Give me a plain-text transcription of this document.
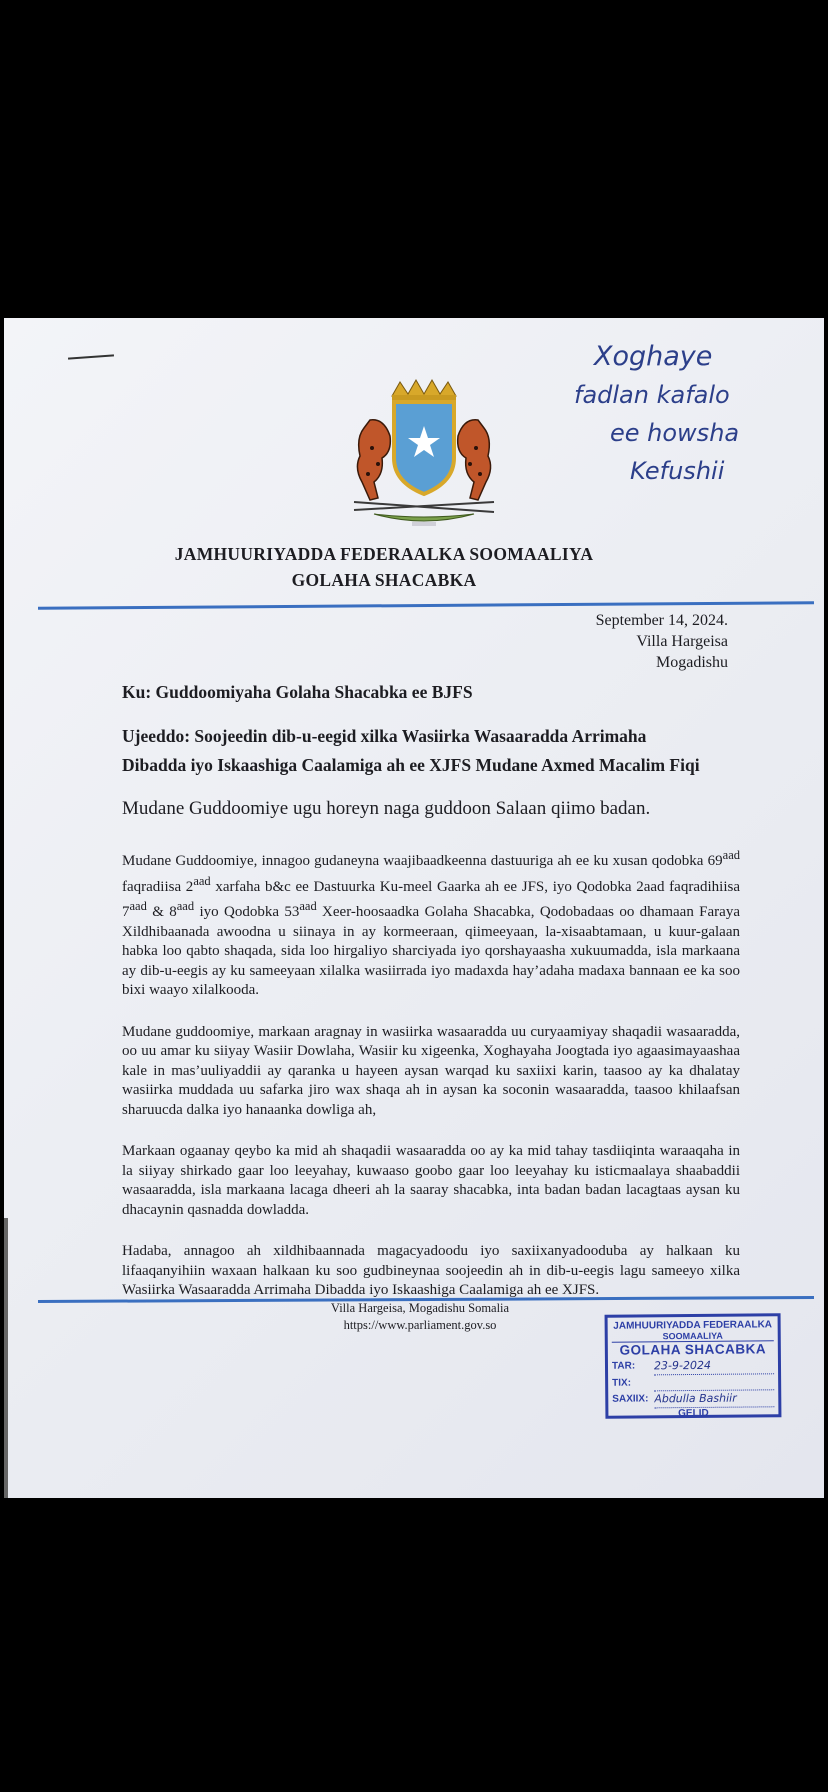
Xoghaye
fadlan kafalo
ee howsha
Kefushii
JAMHUURIYADDA FEDERAALKA SOOMAALIYA
GOLAHA SHACABKA
September 14, 2024.
Villa Hargeisa
Mogadishu
Ku: Guddoomiyaha Golaha Shacabka ee BJFS
Ujeeddo: Soojeedin dib-u-eegid xilka Wasiirka Wasaaradda Arrimaha
Dibadda iyo Iskaashiga Caalamiga ah ee XJFS Mudane Axmed Macalim Fiqi
Mudane Guddoomiye ugu horeyn naga guddoon Salaan qiimo badan.

Mudane Guddoomiye, innagoo gudaneyna waajibaadkeenna dastuuriga ah ee ku xusan qodobka $69^{aad}$ faqradiisa $2^{aad}$ xarfaha b&c ee Dastuurka Ku-meel Gaarka ah ee JFS, iyo Qodobka 2aad faqradihiisa $7^{aad}$ & $8^{aad}$ iyo Qodobka $53^{aad}$ Xeer-hoosaadka Golaha Shacabka, Qodobadaas oo dhamaan Faraya Xildhibaanada awoodna u siinaya in ay kormeeraan, qiimeeyaan, la-xisaabtamaan, u kuur-galaan habka loo qabto shaqada, sida loo hirgaliyo sharciyada iyo qorshayaasha xukuumadda, isla markaana ay dib-u-eegis ay ku sameeyaan xilalka wasiirrada iyo madaxda hay’adaha madaxa bannaan ee ka soo bixi waayo xilalkooda.

Mudane guddoomiye, markaan aragnay in wasiirka wasaaradda uu curyaamiyay shaqadii wasaaradda, oo uu amar ku siiyay Wasiir Dowlaha, Wasiir ku xigeenka, Xoghayaha Joogtada iyo agaasimayaashaa kale in mas’uuliyaddii ay qaranka u hayeen aysan warqad ku saxiixi karin, taasoo ay ka dhalatay wasiirka muddada uu safarka jiro wax shaqa ah in aysan ka soconin wasaaradda, taasoo khilaafsan sharuucda dalka iyo hanaanka dowliga ah,

Markaan ogaanay qeybo ka mid ah shaqadii wasaaradda oo ay ka mid tahay tasdiiqinta waraaqaha in la siiyay shirkado gaar loo leeyahay, kuwaaso goobo gaar loo leeyahay ku isticmaalaya shaabaddii wasaaradda, isla markaana lacaga dheeri ah la saaray shacabka, inta badan badan lacagtaas aysan ku dhacaynin qasnadda dowladda.

Hadaba, annagoo ah xildhibaannada magacyadoodu iyo saxiixanyadooduba ay halkaan ku lifaaqanyihiin waxaan halkaan ku soo gudbineynaa soojeedin ah in dib-u-eegis lagu sameeyo xilka Wasiirka Wasaaradda Arrimaha Dibadda iyo Iskaashiga Caalamiga ah ee XJFS.

Villa Hargeisa, Mogadishu Somalia
https://www.parliament.gov.so	JAMHUURIYADDA FEDERAALKA
SOOMAALIYA
GOLAHA SHACABKA
TAR:	23-9-2024
TIX:
SAXIIX: Abdulla Bashiir
GELID
